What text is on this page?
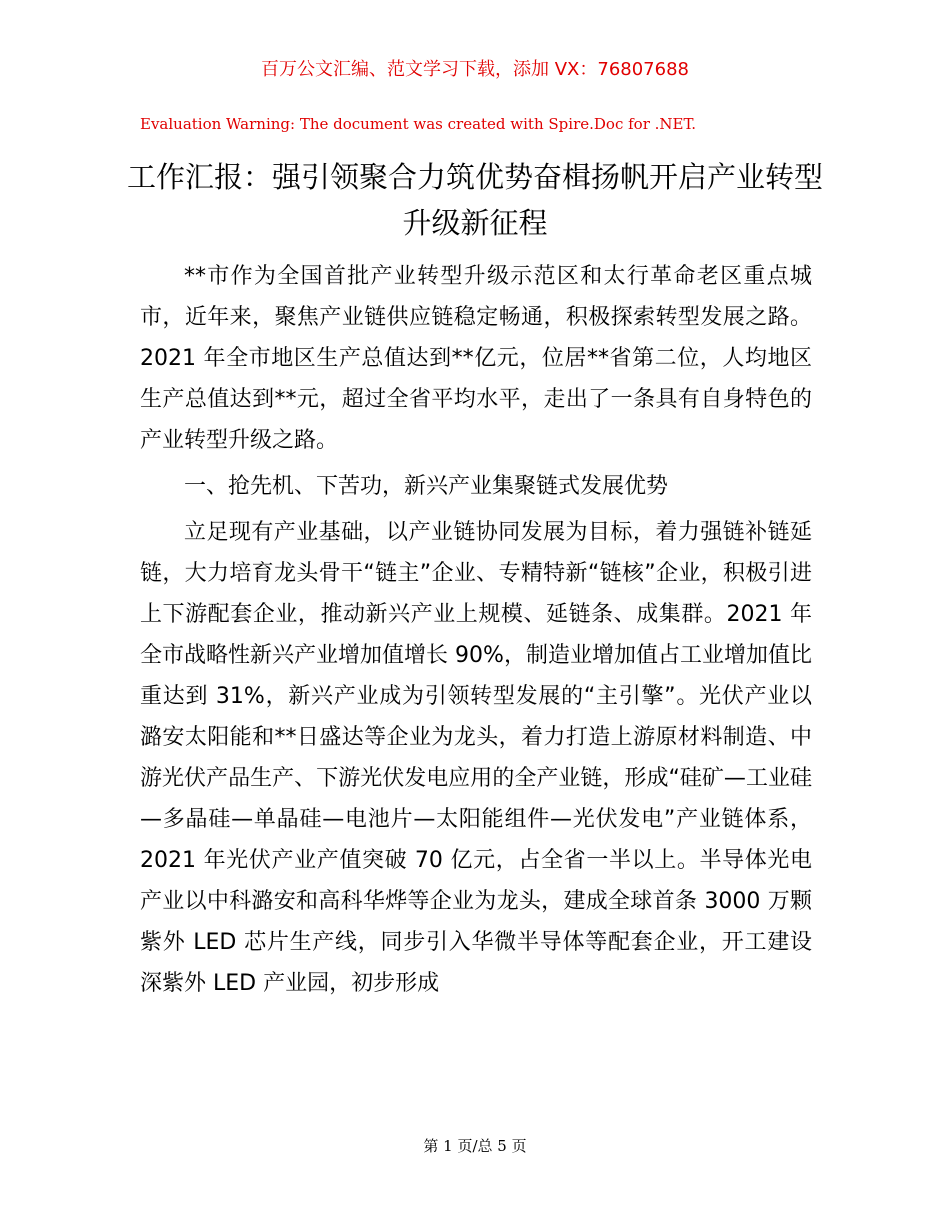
百万公文汇编、范文学习下载，添加 VX：76807688
Evaluation Warning: The document was created with Spire.Doc for .NET.
工作汇报：强引领聚合力筑优势奋楫扬帆开启产业转型升级新征程

**市作为全国首批产业转型升级示范区和太行革命老区重点城市，近年来，聚焦产业链供应链稳定畅通，积极探索转型发展之路。2021 年全市地区生产总值达到**亿元，位居**省第二位，人均地区生产总值达到**元，超过全省平均水平，走出了一条具有自身特色的产业转型升级之路。

一、抢先机、下苦功，新兴产业集聚链式发展优势

立足现有产业基础，以产业链协同发展为目标，着力强链补链延链，大力培育龙头骨干“链主”企业、专精特新“链核”企业，积极引进上下游配套企业，推动新兴产业上规模、延链条、成集群。2021 年全市战略性新兴产业增加值增长 90%，制造业增加值占工业增加值比重达到 31%，新兴产业成为引领转型发展的“主引擎”。光伏产业以潞安太阳能和**日盛达等企业为龙头，着力打造上游原材料制造、中游光伏产品生产、下游光伏发电应用的全产业链，形成“硅矿—工业硅—多晶硅—单晶硅—电池片—太阳能组件—光伏发电”产业链体系，2021 年光伏产业产值突破 70 亿元，占全省一半以上。半导体光电产业以中科潞安和高科华烨等企业为龙头，建成全球首条 3000 万颗紫外 LED 芯片生产线，同步引入华微半导体等配套企业，开工建设深紫外 LED 产业园，初步形成

第 1 页/总 5 页
